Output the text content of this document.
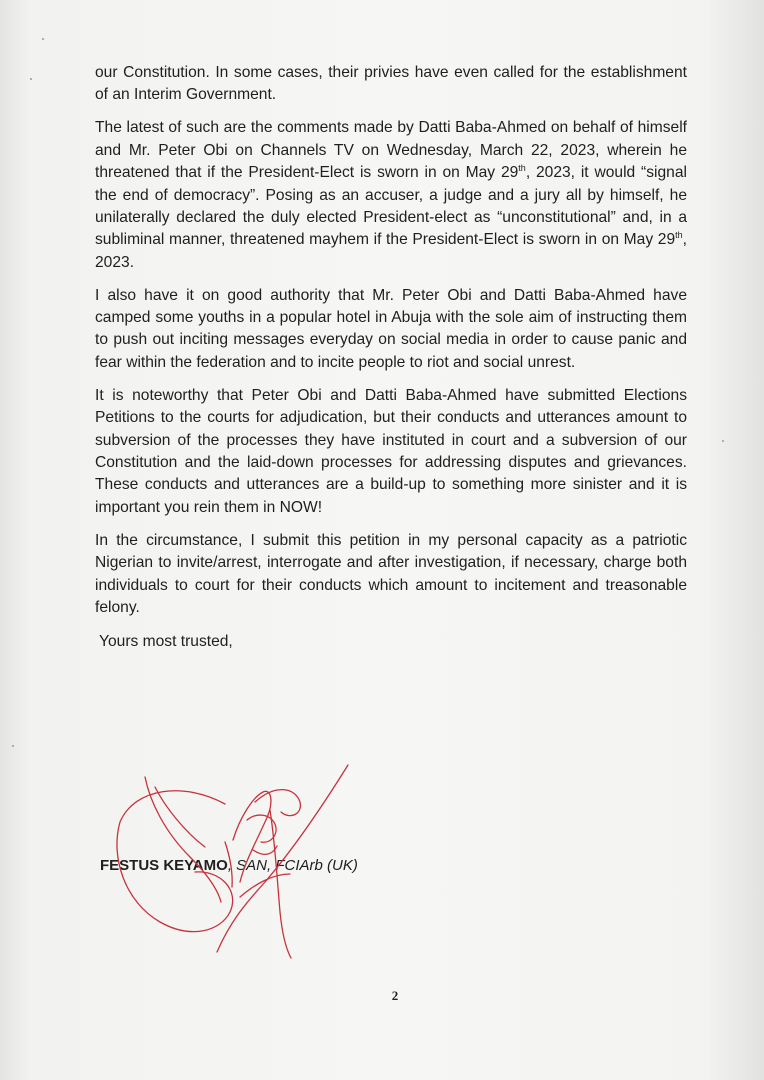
our Constitution. In some cases, their privies have even called for the establishment of an Interim Government.

The latest of such are the comments made by Datti Baba-Ahmed on behalf of himself and Mr. Peter Obi on Channels TV on Wednesday, March 22, 2023, wherein he threatened that if the President-Elect is sworn in on May 29th, 2023, it would “signal the end of democracy”. Posing as an accuser, a judge and a jury all by himself, he unilaterally declared the duly elected President-elect as “unconstitutional” and, in a subliminal manner, threatened mayhem if the President-Elect is sworn in on May 29th, 2023.

I also have it on good authority that Mr. Peter Obi and Datti Baba-Ahmed have camped some youths in a popular hotel in Abuja with the sole aim of instructing them to push out inciting messages everyday on social media in order to cause panic and fear within the federation and to incite people to riot and social unrest.

It is noteworthy that Peter Obi and Datti Baba-Ahmed have submitted Elections Petitions to the courts for adjudication, but their conducts and utterances amount to subversion of the processes they have instituted in court and a subversion of our Constitution and the laid-down processes for addressing disputes and grievances. These conducts and utterances are a build-up to something more sinister and it is important you rein them in NOW!

In the circumstance, I submit this petition in my personal capacity as a patriotic Nigerian to invite/arrest, interrogate and after investigation, if necessary, charge both individuals to court for their conducts which amount to incitement and treasonable felony.

Yours most trusted,
FESTUS KEYAMO, SAN, FCIArb (UK)
2
